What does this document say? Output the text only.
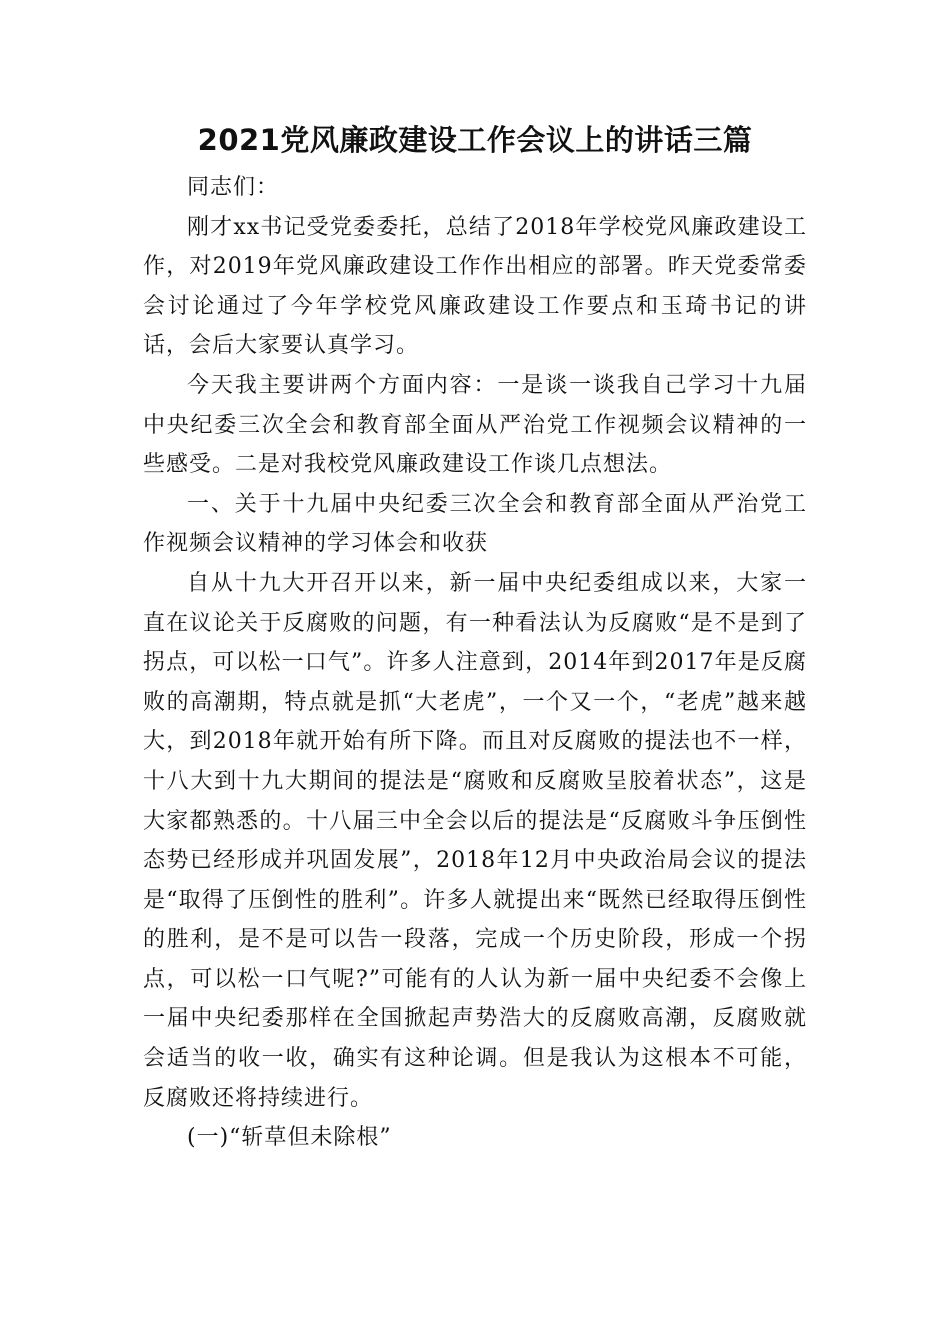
2021党风廉政建设工作会议上的讲话三篇

同志们：

刚才xx书记受党委委托，总结了2018年学校党风廉政建设工作，对2019年党风廉政建设工作作出相应的部署。昨天党委常委会讨论通过了今年学校党风廉政建设工作要点和玉琦书记的讲话，会后大家要认真学习。

今天我主要讲两个方面内容：一是谈一谈我自己学习十九届中央纪委三次全会和教育部全面从严治党工作视频会议精神的一些感受。二是对我校党风廉政建设工作谈几点想法。

一、关于十九届中央纪委三次全会和教育部全面从严治党工作视频会议精神的学习体会和收获

自从十九大开召开以来，新一届中央纪委组成以来，大家一直在议论关于反腐败的问题，有一种看法认为反腐败“是不是到了拐点，可以松一口气”。许多人注意到，2014年到2017年是反腐败的高潮期，特点就是抓“大老虎”，一个又一个，“老虎”越来越大，到2018年就开始有所下降。而且对反腐败的提法也不一样，十八大到十九大期间的提法是“腐败和反腐败呈胶着状态”，这是大家都熟悉的。十八届三中全会以后的提法是“反腐败斗争压倒性态势已经形成并巩固发展”，2018年12月中央政治局会议的提法是“取得了压倒性的胜利”。许多人就提出来“既然已经取得压倒性的胜利，是不是可以告一段落，完成一个历史阶段，形成一个拐点，可以松一口气呢?”可能有的人认为新一届中央纪委不会像上一届中央纪委那样在全国掀起声势浩大的反腐败高潮，反腐败就会适当的收一收，确实有这种论调。但是我认为这根本不可能，反腐败还将持续进行。

(一)“斩草但未除根”
